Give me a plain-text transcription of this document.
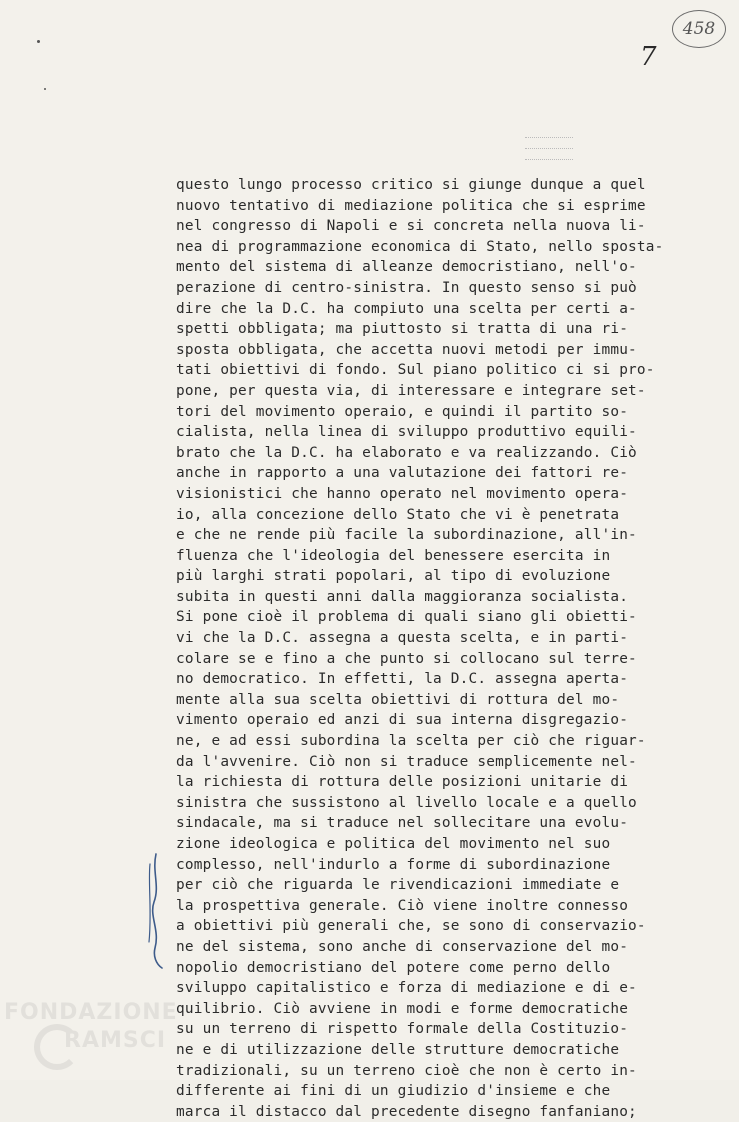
458
7
questo lungo processo critico si giunge dunque a quel
nuovo tentativo di mediazione politica che si esprime
nel congresso di Napoli e si concreta nella nuova li-
nea di programmazione economica di Stato, nello sposta-
mento del sistema di alleanze democristiano, nell'o-
perazione di centro-sinistra. In questo senso si può
dire che la D.C. ha compiuto una scelta per certi a-
spetti obbligata; ma piuttosto si tratta di una ri-
sposta obbligata, che accetta nuovi metodi per immu-
tati obiettivi di fondo. Sul piano politico ci si pro-
pone, per questa via, di interessare e integrare set-
tori del movimento operaio, e quindi il partito so-
cialista, nella linea di sviluppo produttivo equili-
brato che la D.C. ha elaborato e va realizzando. Ciò
anche in rapporto a una valutazione dei fattori re-
visionistici che hanno operato nel movimento opera-
io, alla concezione dello Stato che vi è penetrata
e che ne rende più facile la subordinazione, all'in-
fluenza che l'ideologia del benessere esercita in
più larghi strati popolari, al tipo di evoluzione
subita in questi anni dalla maggioranza socialista.
Si pone cioè il problema di quali siano gli obietti-
vi che la D.C. assegna a questa scelta, e in parti-
colare se e fino a che punto si collocano sul terre-
no democratico. In effetti, la D.C. assegna aperta-
mente alla sua scelta obiettivi di rottura del mo-
vimento operaio ed anzi di sua interna disgregazio-
ne, e ad essi subordina la scelta per ciò che riguar-
da l'avvenire. Ciò non si traduce semplicemente nel-
la richiesta di rottura delle posizioni unitarie di
sinistra che sussistono al livello locale e a quello
sindacale, ma si traduce nel sollecitare una evolu-
zione ideologica e politica del movimento nel suo
complesso, nell'indurlo a forme di subordinazione
per ciò che riguarda le rivendicazioni immediate e
la prospettiva generale. Ciò viene inoltre connesso
a obiettivi più generali che, se sono di conservazio-
ne del sistema, sono anche di conservazione del mo-
nopolio democristiano del potere come perno dello
sviluppo capitalistico e forza di mediazione e di e-
quilibrio. Ciò avviene in modi e forme democratiche
su un terreno di rispetto formale della Costituzio-
ne e di utilizzazione delle strutture democratiche
tradizionali, su un terreno cioè che non è certo in-
differente ai fini di un giudizio d'insieme e che
marca il distacco dal precedente disegno fanfaniano;
FONDAZIONE
RAMSCI
